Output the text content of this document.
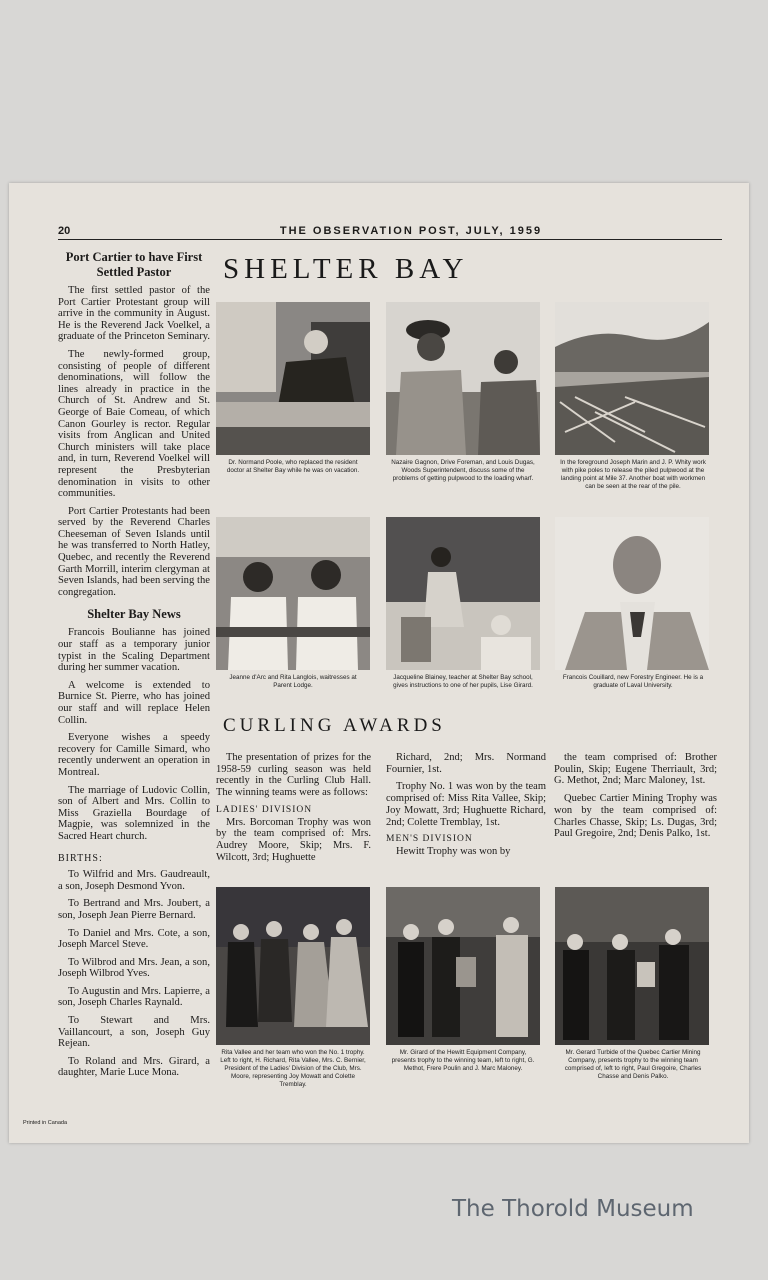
20	THE OBSERVATION POST, JULY, 1959
Port Cartier to have First Settled Pastor

The first settled pastor of the Port Cartier Protestant group will arrive in the community in August. He is the Reverend Jack Voelkel, a graduate of the Princeton Seminary.

The newly-formed group, consisting of people of different denominations, will follow the lines already in practice in the Church of St. Andrew and St. George of Baie Comeau, of which Canon Gourley is rector. Regular visits from Anglican and United Church ministers will take place and, in turn, Reverend Voelkel will represent the Presbyterian denomination in visits to other communities.

Port Cartier Protestants had been served by the Reverend Charles Cheeseman of Seven Islands until he was transferred to North Hatley, Quebec, and recently the Reverend Garth Morrill, interim clergyman at Seven Islands, had been serving the congregation.

Shelter Bay News

Francois Boulianne has joined our staff as a temporary junior typist in the Scaling Department during her summer vacation.

A welcome is extended to Burnice St. Pierre, who has joined our staff and will replace Helen Collin.

Everyone wishes a speedy recovery for Camille Simard, who recently underwent an operation in Montreal.

The marriage of Ludovic Collin, son of Albert and Mrs. Collin to Miss Graziella Bourdage of Magpie, was solemnized in the Sacred Heart church.

BIRTHS:

To Wilfrid and Mrs. Gaudreault, a son, Joseph Desmond Yvon.

To Bertrand and Mrs. Joubert, a son, Joseph Jean Pierre Bernard.

To Daniel and Mrs. Cote, a son, Joseph Marcel Steve.

To Wilbrod and Mrs. Jean, a son, Joseph Wilbrod Yves.

To Augustin and Mrs. Lapierre, a son, Joseph Charles Raynald.

To Stewart and Mrs. Vaillancourt, a son, Joseph Guy Rejean.

To Roland and Mrs. Girard, a daughter, Marie Luce Mona.

SHELTER BAY
Dr. Normand Poole, who replaced the resident doctor at Shelter Bay while he was on vacation.
Nazaire Gagnon, Drive Foreman, and Louis Dugas, Woods Superintendent, discuss some of the problems of getting pulpwood to the loading wharf.
In the foreground Joseph Marin and J. P. Whity work with pike poles to release the piled pulpwood at the landing point at Mile 37. Another boat with workmen can be seen at the rear of the pile.
Jeanne d'Arc and Rita Langlois, waitresses at Parent Lodge.
Jacqueline Blainey, teacher at Shelter Bay school, gives instructions to one of her pupils, Lise Girard.
Francois Couillard, new Forestry Engineer. He is a graduate of Laval University.
CURLING AWARDS

The presentation of prizes for the 1958-59 curling season was held recently in the Curling Club Hall. The winning teams were as follows:

LADIES' DIVISION

Mrs. Borcoman Trophy was won by the team comprised of: Mrs. Audrey Moore, Skip; Mrs. F. Wilcott, 3rd; Hughuette

Richard, 2nd; Mrs. Normand Fournier, 1st.

Trophy No. 1 was won by the team comprised of: Miss Rita Vallee, Skip; Joy Mowatt, 3rd; Hughuette Richard, 2nd; Colette Tremblay, 1st.

MEN'S DIVISION

Hewitt Trophy was won by

the team comprised of: Brother Poulin, Skip; Eugene Therriault, 3rd; G. Methot, 2nd; Marc Maloney, 1st.

Quebec Cartier Mining Trophy was won by the team comprised of: Charles Chasse, Skip; Ls. Dugas, 3rd; Paul Gregoire, 2nd; Denis Palko, 1st.

Rita Vallee and her team who won the No. 1 trophy. Left to right, H. Richard, Rita Vallee, Mrs. C. Bernier, President of the Ladies' Division of the Club, Mrs. Moore, representing Joy Mowatt and Colette Tremblay.
Mr. Girard of the Hewitt Equipment Company, presents trophy to the winning team, left to right, G. Methot, Frere Poulin and J. Marc Maloney.
Mr. Gerard Turbide of the Quebec Cartier Mining Company, presents trophy to the winning team comprised of, left to right, Paul Gregoire, Charles Chasse and Denis Palko.
Printed in Canada
The Thorold Museum
